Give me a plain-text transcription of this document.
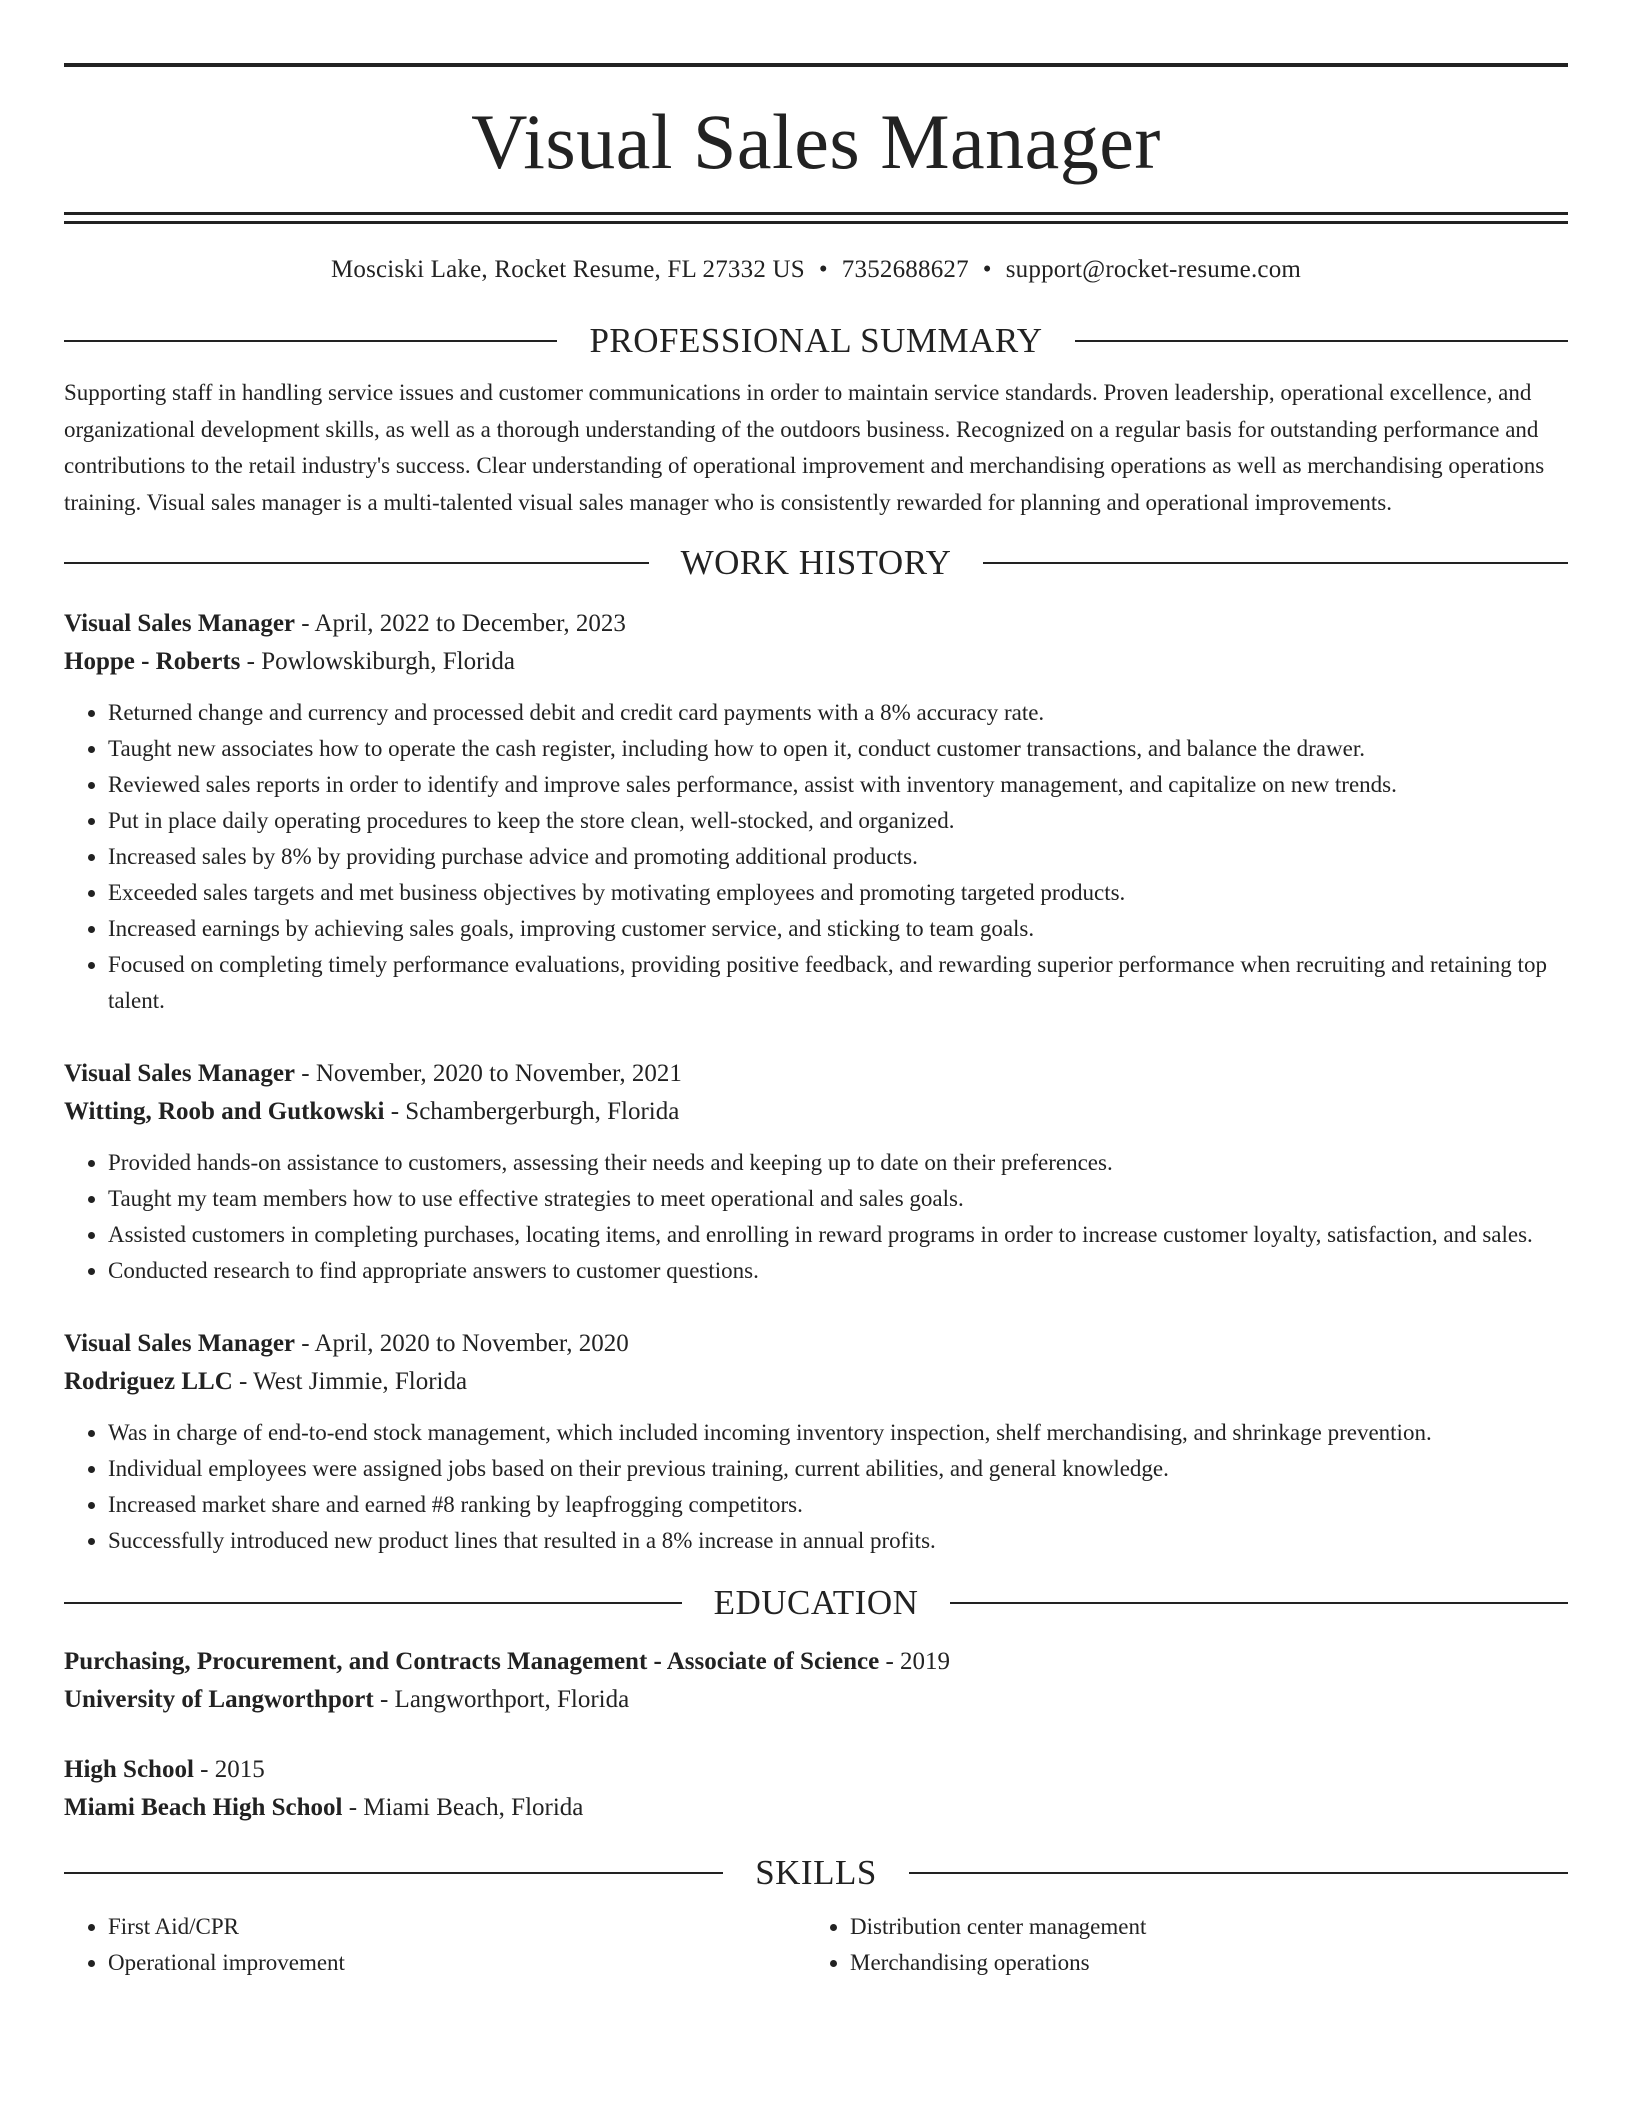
Visual Sales Manager
Mosciski Lake, Rocket Resume, FL 27332 US • 7352688627 • support@rocket-resume.com
PROFESSIONAL SUMMARY
Supporting staff in handling service issues and customer communications in order to maintain service standards. Proven leadership, operational excellence, and organizational development skills, as well as a thorough understanding of the outdoors business. Recognized on a regular basis for outstanding performance and contributions to the retail industry's success. Clear understanding of operational improvement and merchandising operations as well as merchandising operations training. Visual sales manager is a multi-talented visual sales manager who is consistently rewarded for planning and operational improvements.
WORK HISTORY
Visual Sales Manager - April, 2022 to December, 2023
Hoppe - Roberts - Powlowskiburgh, Florida
• Returned change and currency and processed debit and credit card payments with a 8% accuracy rate.
• Taught new associates how to operate the cash register, including how to open it, conduct customer transactions, and balance the drawer.
• Reviewed sales reports in order to identify and improve sales performance, assist with inventory management, and capitalize on new trends.
• Put in place daily operating procedures to keep the store clean, well-stocked, and organized.
• Increased sales by 8% by providing purchase advice and promoting additional products.
• Exceeded sales targets and met business objectives by motivating employees and promoting targeted products.
• Increased earnings by achieving sales goals, improving customer service, and sticking to team goals.
• Focused on completing timely performance evaluations, providing positive feedback, and rewarding superior performance when recruiting and retaining top talent.
Visual Sales Manager - November, 2020 to November, 2021
Witting, Roob and Gutkowski - Schambergerburgh, Florida
• Provided hands-on assistance to customers, assessing their needs and keeping up to date on their preferences.
• Taught my team members how to use effective strategies to meet operational and sales goals.
• Assisted customers in completing purchases, locating items, and enrolling in reward programs in order to increase customer loyalty, satisfaction, and sales.
• Conducted research to find appropriate answers to customer questions.
Visual Sales Manager - April, 2020 to November, 2020
Rodriguez LLC - West Jimmie, Florida
• Was in charge of end-to-end stock management, which included incoming inventory inspection, shelf merchandising, and shrinkage prevention.
• Individual employees were assigned jobs based on their previous training, current abilities, and general knowledge.
• Increased market share and earned #8 ranking by leapfrogging competitors.
• Successfully introduced new product lines that resulted in a 8% increase in annual profits.
EDUCATION
Purchasing, Procurement, and Contracts Management - Associate of Science - 2019
University of Langworthport - Langworthport, Florida
High School - 2015
Miami Beach High School - Miami Beach, Florida
SKILLS
• First Aid/CPR
• Operational improvement
• Distribution center management
• Merchandising operations
